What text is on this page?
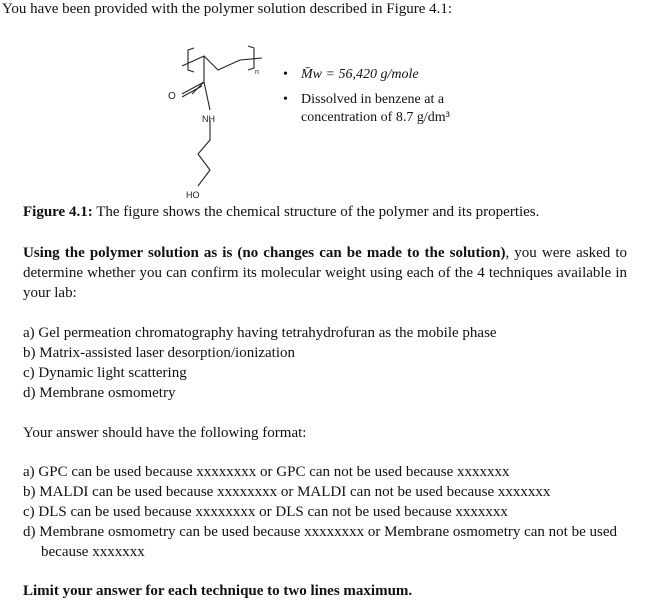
You have been provided with the polymer solution described in Figure 4.1:
O
NH
HO
n • M̄w = 56,420 g/mole
• Dissolved in benzene at a
concentration of 8.7 g/dm³
Figure 4.1: The figure shows the chemical structure of the polymer and its properties.
Using the polymer solution as is (no changes can be made to the solution), you were asked to determine whether you can confirm its molecular weight using each of the 4 techniques available in your lab:
a) Gel permeation chromatography having tetrahydrofuran as the mobile phase
b) Matrix-assisted laser desorption/ionization
c) Dynamic light scattering
d) Membrane osmometry
Your answer should have the following format:
a) GPC can be used because xxxxxxxx or GPC can not be used because xxxxxxx
b) MALDI can be used because xxxxxxxx or MALDI can not be used because xxxxxxx
c) DLS can be used because xxxxxxxx or DLS can not be used because xxxxxxx
d) Membrane osmometry can be used because xxxxxxxx or Membrane osmometry can not be used because xxxxxxx
Limit your answer for each technique to two lines maximum.
